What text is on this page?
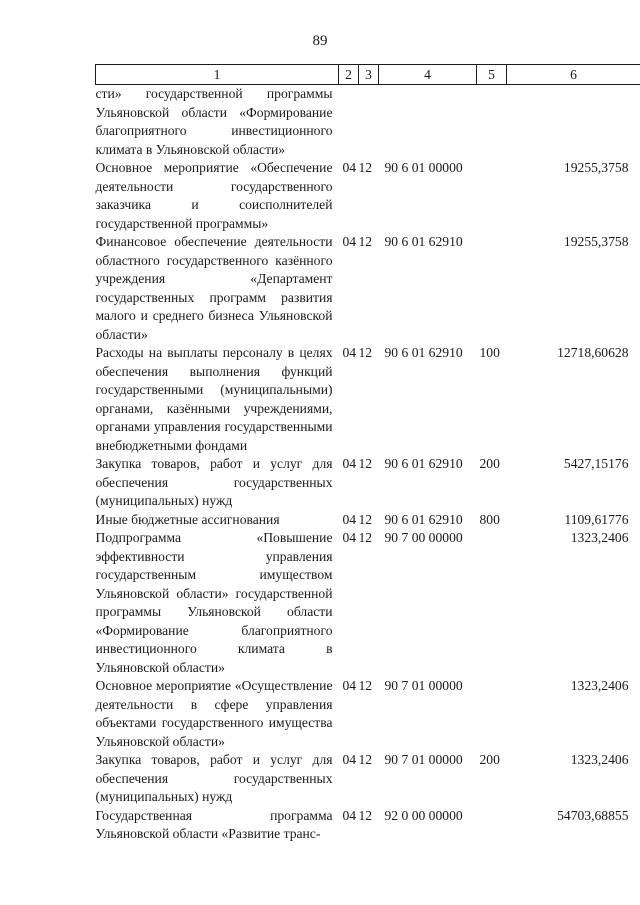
89
1	2	3	4	5	6
сти» государственной программы Ульяновской области «Формирование благоприятного инвестиционного климата в Ульяновской области»					
Основное мероприятие «Обеспечение деятельности государственного заказчика и соисполнителей государственной программы»	04	12	90 6 01 00000		19255,3758
Финансовое обеспечение деятельности областного государственного казённого учреждения «Департамент государственных программ развития малого и среднего бизнеса Ульяновской области»	04	12	90 6 01 62910		19255,3758
Расходы на выплаты персоналу в целях обеспечения выполнения функций государственными (муниципальными) органами, казёнными учреждениями, органами управления государственными внебюджетными фондами	04	12	90 6 01 62910	100	12718,60628
Закупка товаров, работ и услуг для обеспечения государственных (муниципальных) нужд	04	12	90 6 01 62910	200	5427,15176
Иные бюджетные ассигнования	04	12	90 6 01 62910	800	1109,61776
Подпрограмма «Повышение эффективности управления государственным имуществом Ульяновской области» государственной программы Ульяновской области «Формирование благоприятного инвестиционного климата в Ульяновской области»	04	12	90 7 00 00000		1323,2406
Основное мероприятие «Осуществление деятельности в сфере управления объектами государственного имущества Ульяновской области»	04	12	90 7 01 00000		1323,2406
Закупка товаров, работ и услуг для обеспечения государственных (муниципальных) нужд	04	12	90 7 01 00000	200	1323,2406
Государственная программа Ульяновской области «Развитие транс-	04	12	92 0 00 00000		54703,68855
